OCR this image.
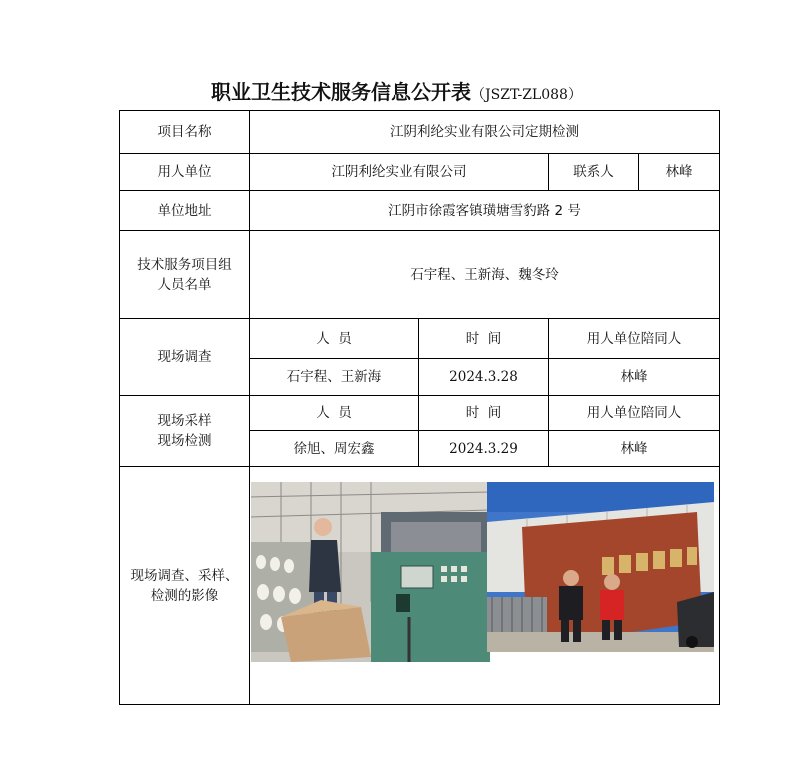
职业卫生技术服务信息公开表（JSZT-ZL088）
项目名称	江阴利纶实业有限公司定期检测			
用人单位	江阴利纶实业有限公司		联系人	林峰
单位地址	江阴市徐霞客镇璜塘雪豹路 2 号			
技术服务项目组
人员名单	石宇程、王新海、魏冬玲			
现场调查	人  员	时  间	用人单位陪同人	
	石宇程、王新海	2024.3.28	林峰	
现场采样
现场检测	人  员	时  间	用人单位陪同人	
	徐旭、周宏鑫	2024.3.29	林峰	
现场调查、采样、
检测的影像				
